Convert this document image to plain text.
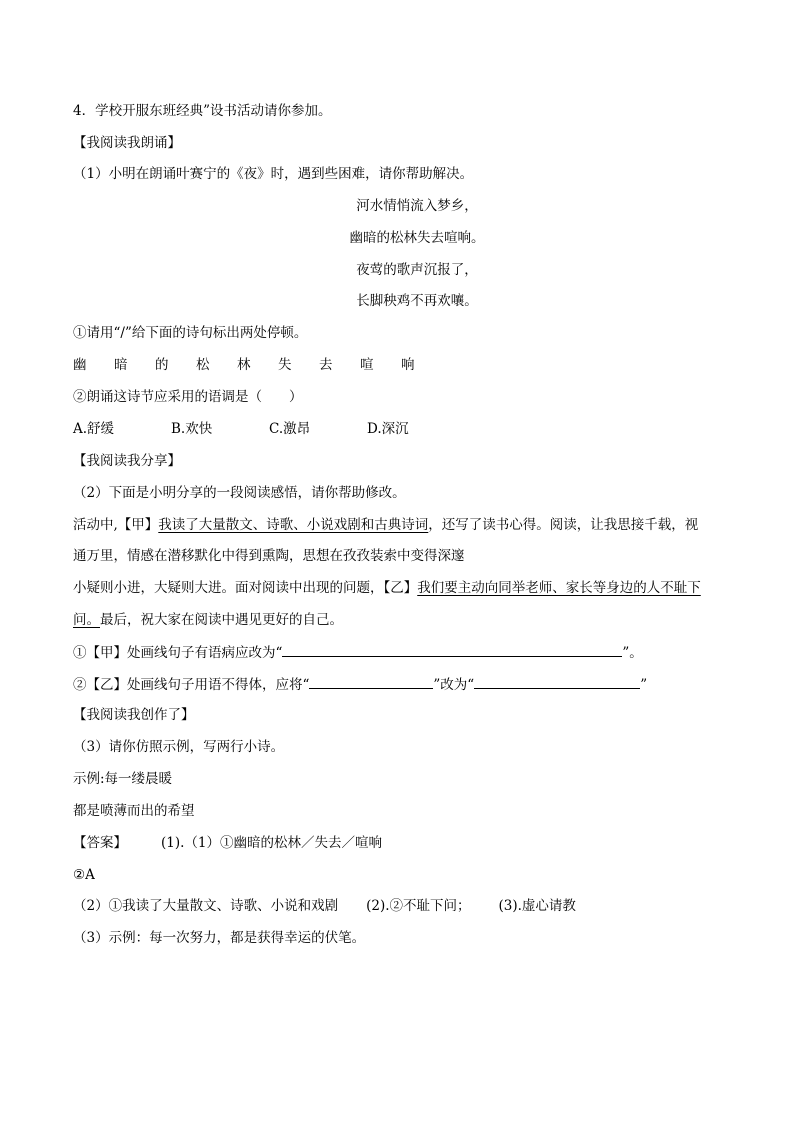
4．学校开服东班经典”设书活动请你参加。
【我阅读我朗诵】
（1）小明在朗诵叶赛宁的《夜》时，遇到些困难，请你帮助解决。
河水情悄流入梦乡，
幽暗的松林失去喧响。
夜莺的歌声沉报了，
长脚秧鸡不再欢嚷。
①请用“/”给下面的诗句标出两处停顿。
幽 暗 的 松 林 失 去 喧 响
②朗诵这诗节应采用的语调是（　　）
A.舒缓	B.欢快	C.激昂	D.深沉
【我阅读我分享】
（2）下面是小明分享的一段阅读感悟，请你帮助修改。
活动中,【甲】我读了大量散文、诗歌、小说戏剧和古典诗词，还写了读书心得。阅读，让我思接千载，视
通万里，情感在潜移默化中得到熏陶，思想在孜孜装索中变得深邃
小疑则小进，大疑则大进。面对阅读中出现的问题，【乙】我们要主动向同举老师、家长等身边的人不耻下
问。最后，祝大家在阅读中遇见更好的自己。
①【甲】处画线句子有语病应改为“	”。
②【乙】处画线句子用语不得体，应将“	”改为“	”
【我阅读我创作了】
（3）请你仿照示例，写两行小诗。
示例:每一缕晨暖
都是喷薄而出的希望
【答案】	(1).（1）①幽暗的松林／失去／喧响
②A
（2）①我读了大量散文、诗歌、小说和戏剧 (2).②不耻下问； (3).虚心请教
（3）示例：每一次努力，都是获得幸运的伏笔。
